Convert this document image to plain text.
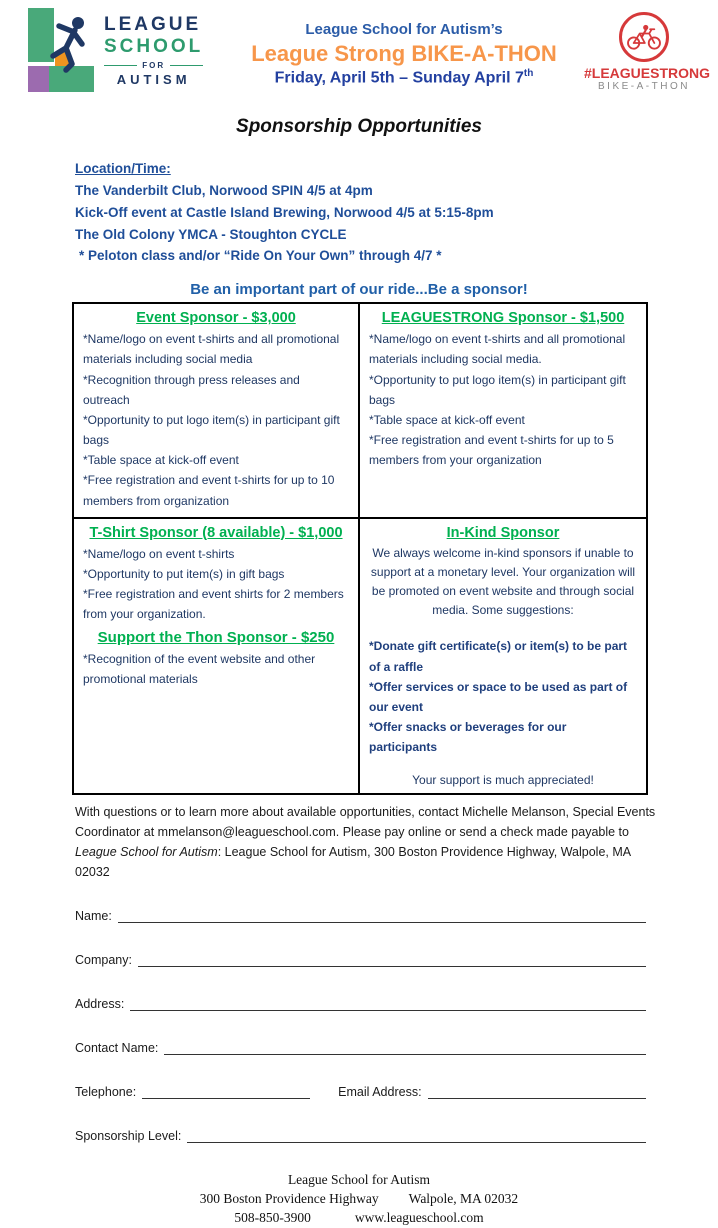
LEAGUE
SCHOOL
FOR
AUTISM
League School for Autism’s
League Strong BIKE-A-THON
Friday, April 5th – Sunday April 7th	#LEAGUESTRONG
BIKE-A-THON
Sponsorship Opportunities
Location/Time:
The Vanderbilt Club, Norwood SPIN 4/5 at 4pm
Kick-Off event at Castle Island Brewing, Norwood 4/5 at 5:15-8pm
The Old Colony YMCA - Stoughton CYCLE
* Peloton class and/or “Ride On Your Own” through 4/7 *
Be an important part of our ride...Be a sponsor!
Event Sponsor - $3,000
*Name/logo on event t-shirts and all promotional materials including social media
*Recognition through press releases and outreach
*Opportunity to put logo item(s) in participant gift bags
*Table space at kick-off event
*Free registration and event t-shirts for up to 10 members from organization
LEAGUESTRONG Sponsor - $1,500
*Name/logo on event t-shirts and all promotional materials including social media.
*Opportunity to put logo item(s) in participant gift bags
*Table space at kick-off event
*Free registration and event t-shirts for up to 5 members from your organization
T-Shirt Sponsor (8 available) - $1,000
*Name/logo on event t-shirts
*Opportunity to put item(s) in gift bags
*Free registration and event shirts for 2 members from your organization.
Support the Thon Sponsor - $250
*Recognition of the event website and other promotional materials
In-Kind Sponsor
We always welcome in-kind sponsors if unable to support at a monetary level. Your organization will be promoted on event website and through social media. Some suggestions:
*Donate gift certificate(s) or item(s) to be part of a raffle
*Offer services or space to be used as part of our event
*Offer snacks or beverages for our participants
Your support is much appreciated!

With questions or to learn more about available opportunities, contact Michelle Melanson, Special Events Coordinator at mmelanson@leagueschool.com. Please pay online or send a check made payable to League School for Autism: League School for Autism, 300 Boston Providence Highway, Walpole, MA 02032

Name:
Company:
Address:
Contact Name:
Telephone:	Email Address:
Sponsorship Level:
League School for Autism
300 Boston Providence Highway Walpole, MA 02032
508-850-3900	www.leagueschool.com
